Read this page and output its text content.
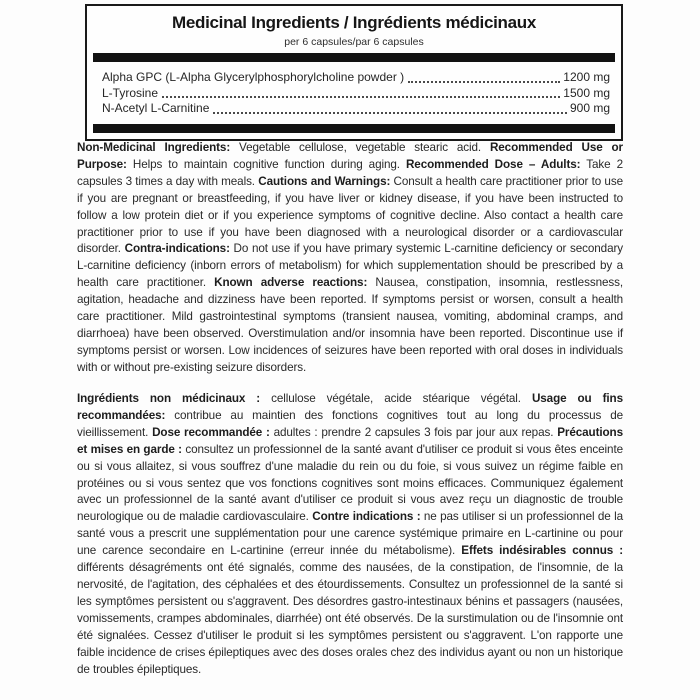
Medicinal Ingredients / Ingrédients médicinaux
per 6 capsules/par 6 capsules
Alpha GPC (L-Alpha Glycerylphosphorylcholine powder )	1200 mg
L-Tyrosine	1500 mg
N-Acetyl L-Carnitine	900 mg
Non-Medicinal Ingredients: Vegetable cellulose, vegetable stearic acid. Recommended Use or Purpose: Helps to maintain cognitive function during aging. Recommended Dose – Adults: Take 2 capsules 3 times a day with meals. Cautions and Warnings: Consult a health care practitioner prior to use if you are pregnant or breastfeeding, if you have liver or kidney disease, if you have been instructed to follow a low protein diet or if you experience symptoms of cognitive decline. Also contact a health care practitioner prior to use if you have been diagnosed with a neurological disorder or a cardiovascular disorder. Contra-indications: Do not use if you have primary systemic L-carnitine deficiency or secondary L-carnitine deficiency (inborn errors of metabolism) for which supplementation should be prescribed by a health care practitioner. Known adverse reactions: Nausea, constipation, insomnia, restlessness, agitation, headache and dizziness have been reported. If symptoms persist or worsen, consult a health care practitioner. Mild gastrointestinal symptoms (transient nausea, vomiting, abdominal cramps, and diarrhoea) have been observed. Overstimulation and/or insomnia have been reported. Discontinue use if symptoms persist or worsen. Low incidences of seizures have been reported with oral doses in individuals with or without pre-existing seizure disorders.
Ingrédients non médicinaux : cellulose végétale, acide stéarique végétal. Usage ou fins recommandées: contribue au maintien des fonctions cognitives tout au long du processus de vieillissement. Dose recommandée : adultes : prendre 2 capsules 3 fois par jour aux repas. Précautions et mises en garde : consultez un professionnel de la santé avant d'utiliser ce produit si vous êtes enceinte ou si vous allaitez, si vous souffrez d'une maladie du rein ou du foie, si vous suivez un régime faible en protéines ou si vous sentez que vos fonctions cognitives sont moins efficaces. Communiquez également avec un professionnel de la santé avant d'utiliser ce produit si vous avez reçu un diagnostic de trouble neurologique ou de maladie cardiovasculaire. Contre indications : ne pas utiliser si un professionnel de la santé vous a prescrit une supplémentation pour une carence systémique primaire en L-cartinine ou pour une carence secondaire en L-cartinine (erreur innée du métabolisme). Effets indésirables connus : différents désagréments ont été signalés, comme des nausées, de la constipation, de l'insomnie, de la nervosité, de l'agitation, des céphalées et des étourdissements. Consultez un professionnel de la santé si les symptômes persistent ou s'aggravent. Des désordres gastro-intestinaux bénins et passagers (nausées, vomissements, crampes abdominales, diarrhée) ont été observés. De la surstimulation ou de l'insomnie ont été signalées. Cessez d'utiliser le produit si les symptômes persistent ou s'aggravent. L'on rapporte une faible incidence de crises épileptiques avec des doses orales chez des individus ayant ou non un historique de troubles épileptiques.
